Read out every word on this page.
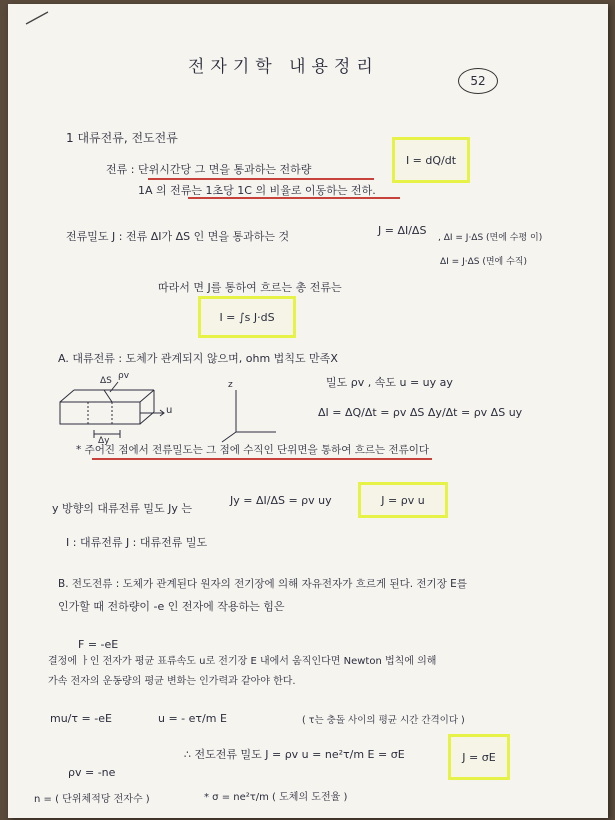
52
전자기학 내용정리
1 대류전류, 전도전류
전류 : 단위시간당 그 면을 통과하는 전하량
1A 의 전류는 1초당 1C 의 비율로 이동하는 전하.
I = dQ/dt
전류밀도 J : 전류 ΔI가 ΔS 인 면을 통과하는 것	J = ΔI/ΔS
, ΔI = J·ΔS (면에 수평 이)
ΔI = J·ΔS (면에 수직)
따라서 면 J를 통하여 흐르는 총 전류는
I = ∫s J·dS
A. 대류전류 : 도체가 관계되지 않으며, ohm 법칙도 만족X
ΔS ρv
u
Δy
z	밀도 ρv , 속도 u = uy ay
ΔI = ΔQ/Δt = ρv ΔS Δy/Δt = ρv ΔS uy
* 주어진 점에서 전류밀도는 그 점에 수직인 단위면을 통하여 흐르는 전류이다
y 방향의 대류전류 밀도 Jy 는
Jy = ΔI/ΔS = ρv uy	J = ρv u
I : 대류전류 J : 대류전류 밀도
B. 전도전류 : 도체가 관계된다 원자의 전기장에 의해 자유전자가 흐르게 된다. 전기장 E를
인가할 때 전하량이 -e 인 전자에 작용하는 힘은
F = -eE
결정에 ㅏ인 전자가 평균 표류속도 u로 전기장 E 내에서 움직인다면 Newton 법칙에 의해
가속 전자의 운동량의 평균 변화는 인가력과 같아야 한다.
mu/τ = -eE	u = - eτ/m E	( τ는 충돌 사이의 평균 시간 간격이다 )
ρv = -ne
∴ 전도전류 밀도 J = ρv u = ne²τ/m E = σE	J = σE
n = ( 단위체적당 전자수 )	* σ = ne²τ/m ( 도체의 도전율 )
